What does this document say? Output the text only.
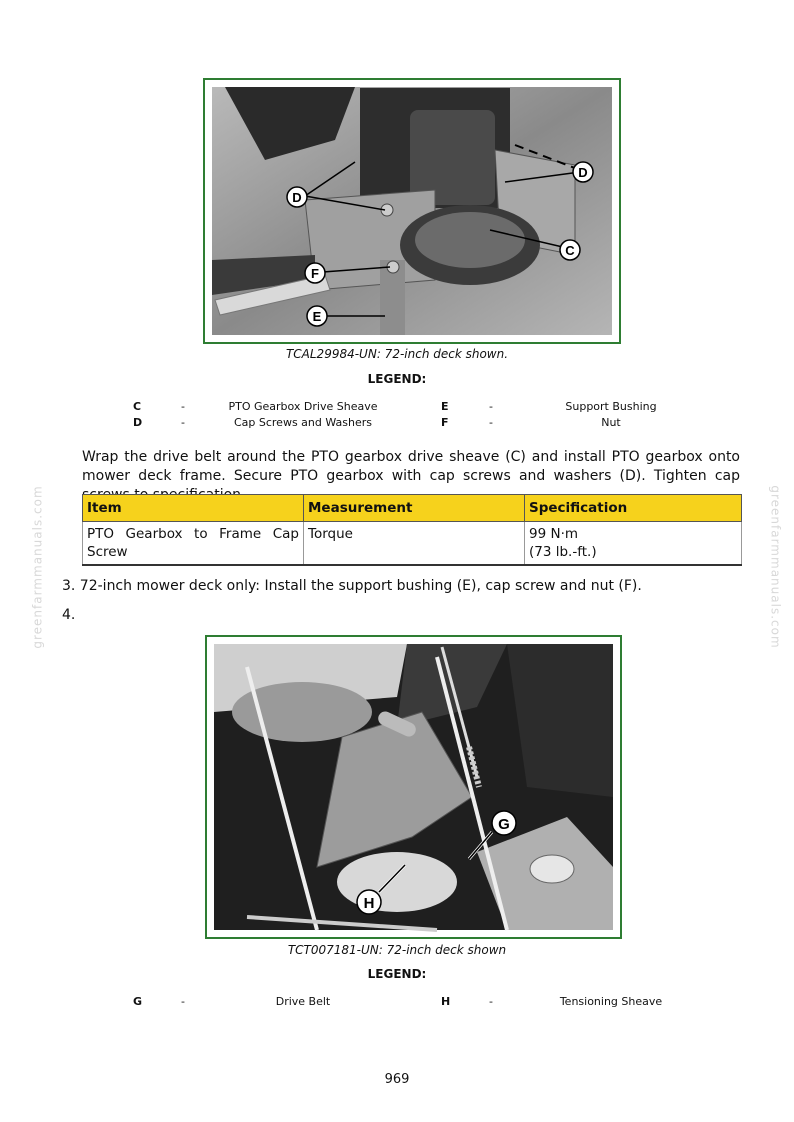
D
D
C
F
E
TCAL29984-UN: 72-inch deck shown.
LEGEND:
C	-	PTO Gearbox Drive Sheave	E	-	Support Bushing
D	-	Cap Screws and Washers	F	-	Nut
Wrap the drive belt around the PTO gearbox drive sheave (C) and install PTO gearbox onto mower deck frame. Secure PTO gearbox with cap screws and washers (D). Tighten cap
Item	Measurement	Specification
PTO Gearbox to Frame Cap Screw	Torque	99 N·m
(73 lb.-ft.)
3. 72-inch mower deck only: Install the support bushing (E), cap screw and nut (F).
4.
G
H
TCT007181-UN: 72-inch deck shown
LEGEND:
G	-	Drive Belt	H	-	Tensioning Sheave
greenfarmmanuals.com	greenfarmmanuals.com
969
